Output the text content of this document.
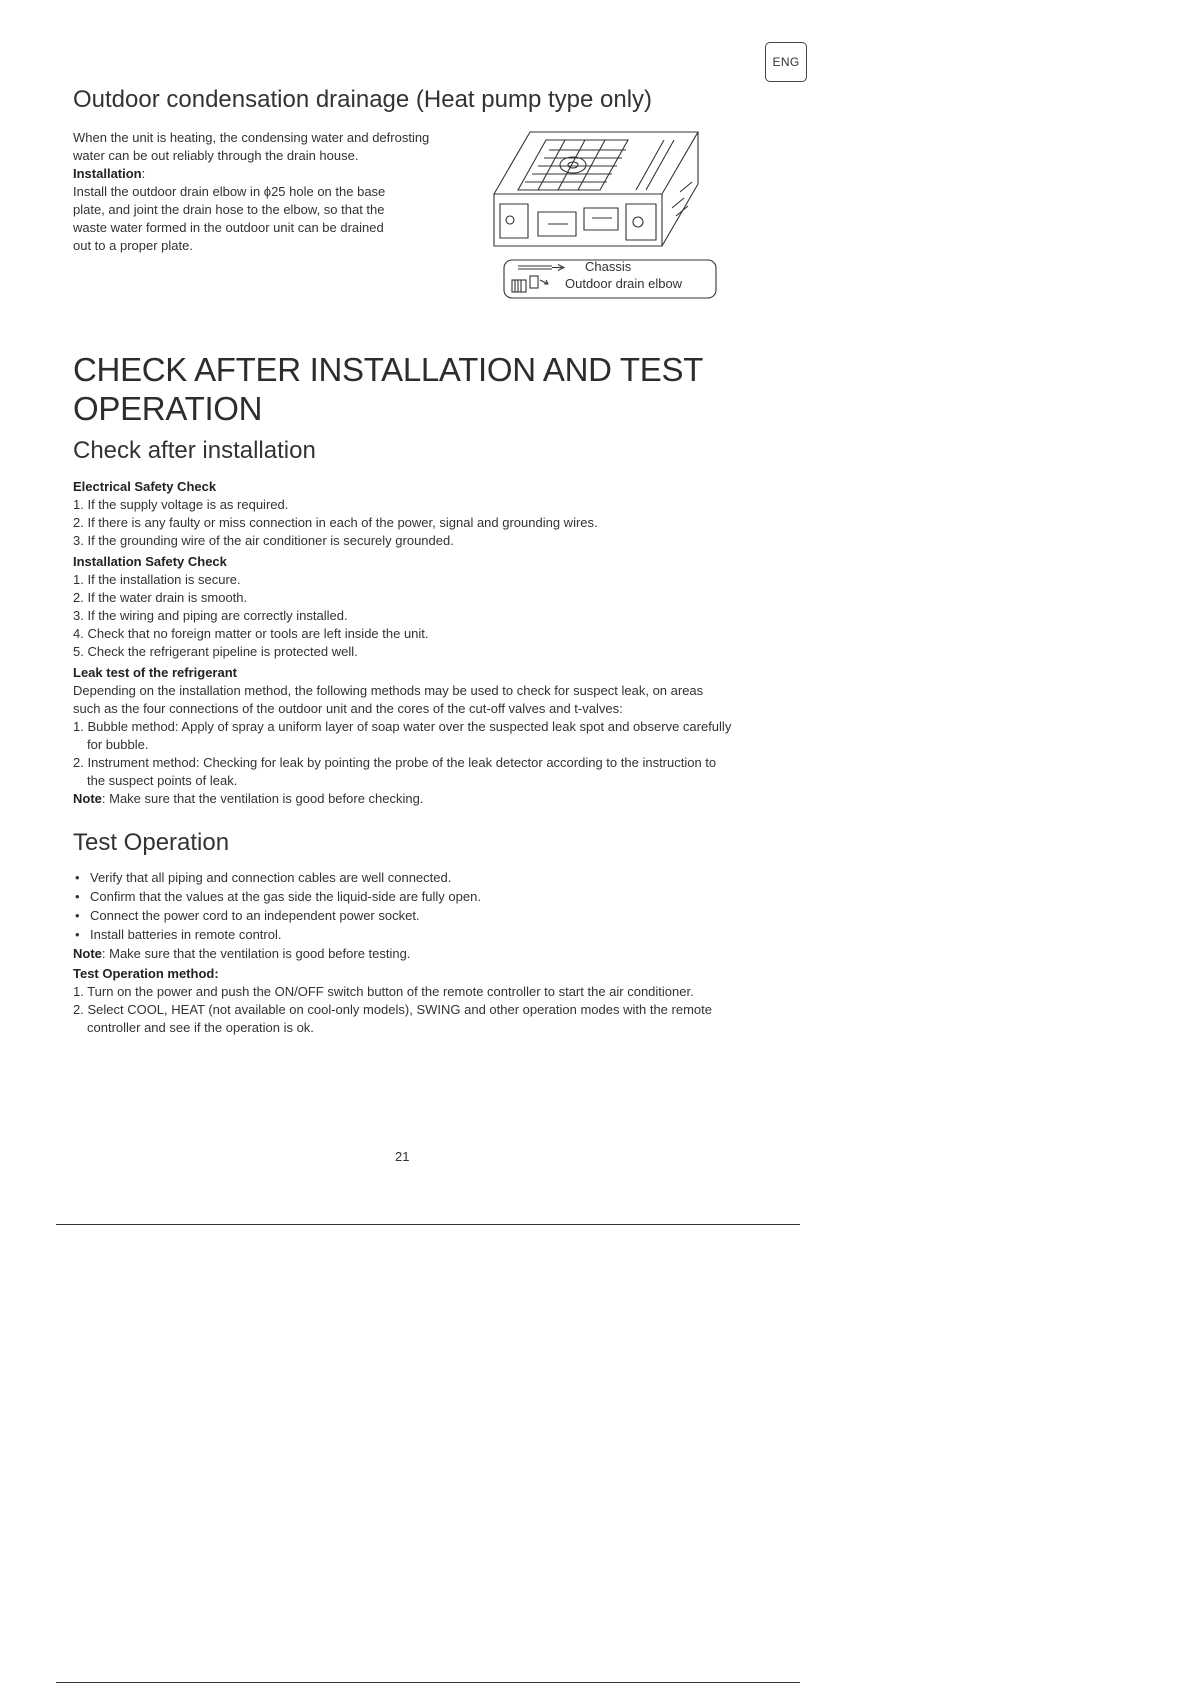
ENG
Outdoor condensation drainage (Heat pump type only)

When the unit is heating, the condensing water and defrosting

water can be out reliably through the drain house.

Installation:

Install the outdoor drain elbow in ϕ25 hole on the base

plate, and joint the drain hose to the elbow, so that the

waste water formed in the outdoor unit can be drained

out to a proper plate.

Chassis
Outdoor drain elbow
CHECK AFTER INSTALLATION AND TEST
OPERATION
Check after installation

Electrical Safety Check

1. If the supply voltage is as required.

2. If there is any faulty or miss connection in each of the power, signal and grounding wires.

3. If the grounding wire of the air conditioner is securely grounded.

Installation Safety Check

1. If the installation is secure.

2. If the water drain is smooth.

3. If the wiring and piping are correctly installed.

4. Check that no foreign matter or tools are left inside the unit.

5. Check the refrigerant pipeline is protected well.

Leak test of the refrigerant

Depending on the installation method, the following methods may be used to check for suspect leak, on areas

such as the four connections of the outdoor unit and the cores of the cut-off valves and t-valves:

1. Bubble method: Apply of spray a uniform layer of soap water over the suspected leak spot and observe carefully

for bubble.

2. Instrument method: Checking for leak by pointing the probe of the leak detector according to the instruction to

the suspect points of leak.

Note: Make sure that the ventilation is good before checking.

Test Operation
• Verify that all piping and connection cables are well connected.
• Confirm that the values at the gas side the liquid-side are fully open.
• Connect the power cord to an independent power socket.
• Install batteries in remote control.

Note: Make sure that the ventilation is good before testing.

Test Operation method:

1. Turn on the power and push the ON/OFF switch button of the remote controller to start the air conditioner.

2. Select COOL, HEAT (not available on cool-only models), SWING and other operation modes with the remote

controller and see if the operation is ok.

21
